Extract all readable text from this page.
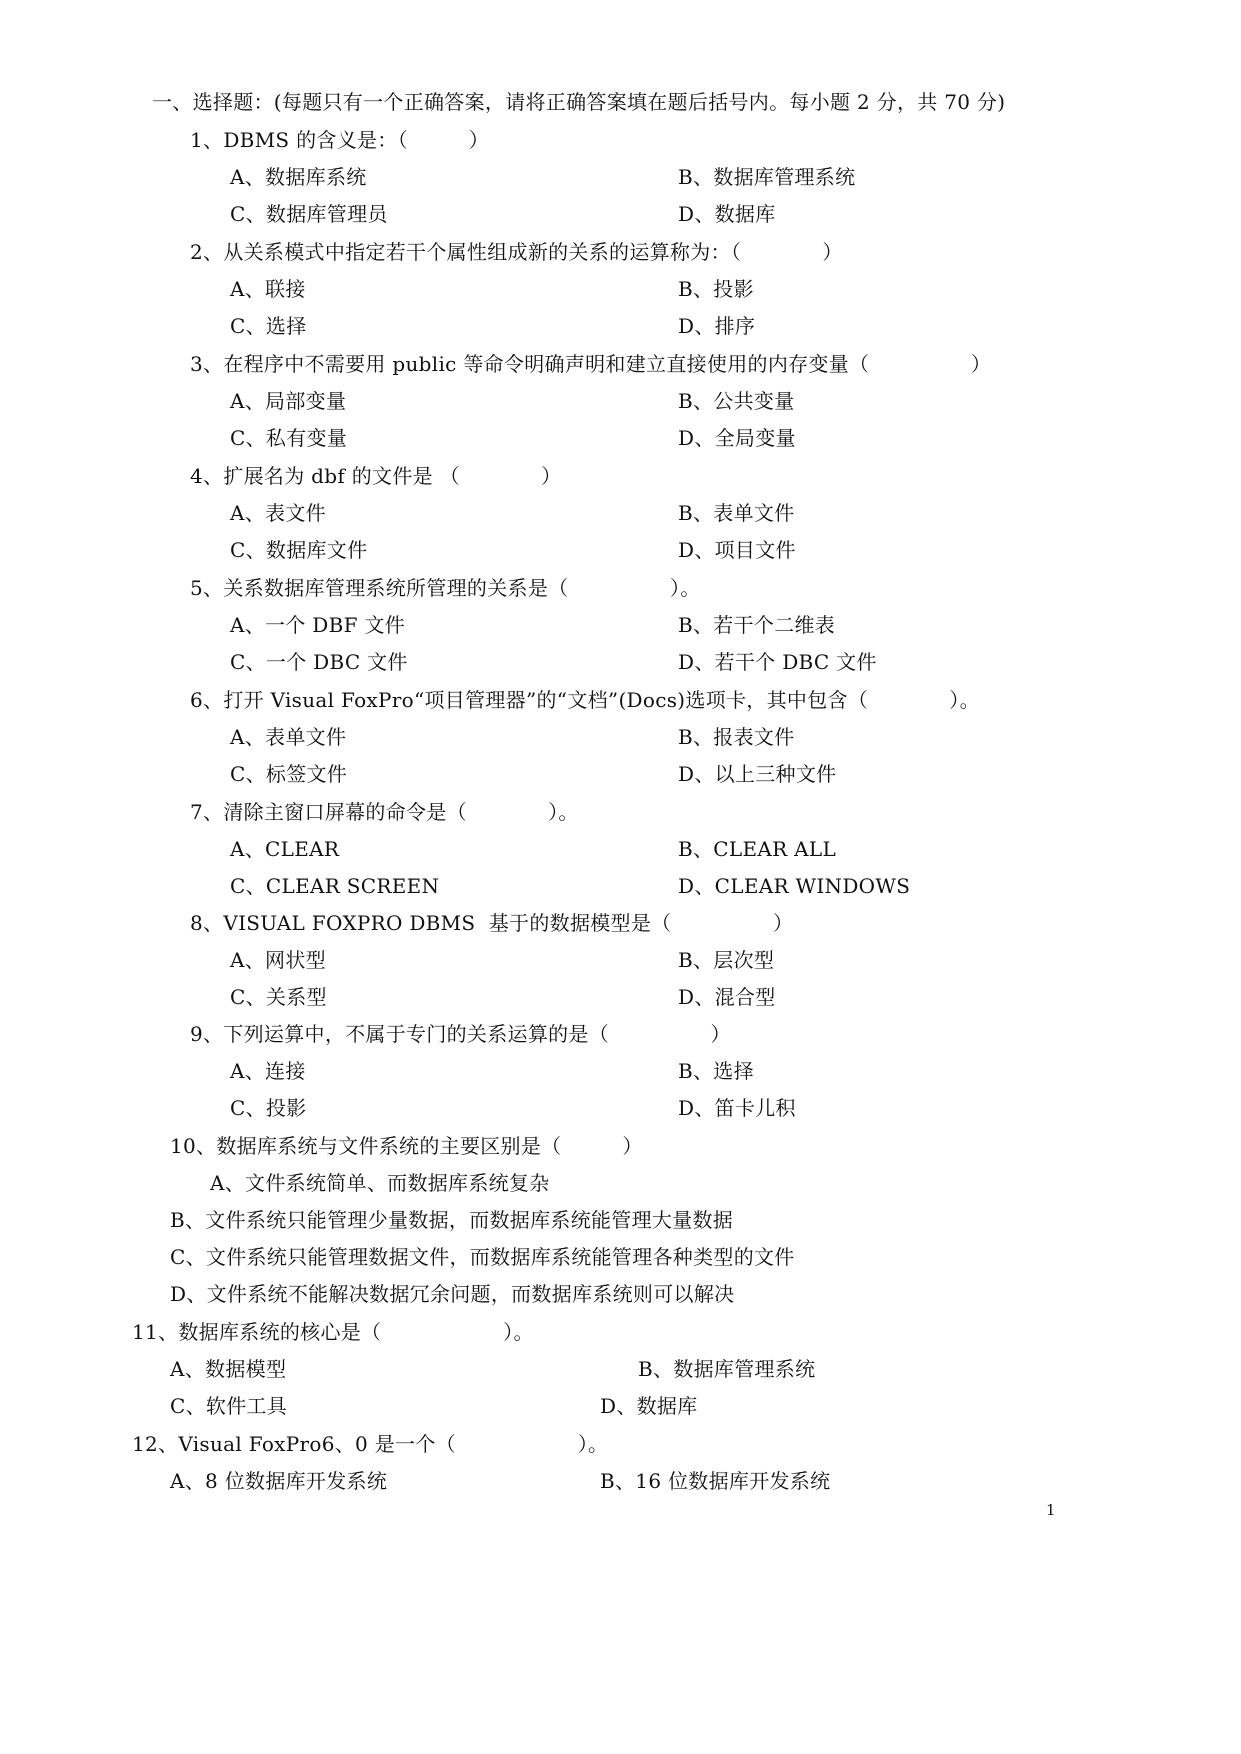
一、选择题：(每题只有一个正确答案，请将正确答案填在题后括号内。每小题 2 分，共 70 分)
1、DBMS 的含义是：（　　　）
A、数据库系统	B、数据库管理系统
C、数据库管理员	D、数据库
2、从关系模式中指定若干个属性组成新的关系的运算称为：（　　　　）
A、联接	B、投影
C、选择	D、排序
3、在程序中不需要用 public 等命令明确声明和建立直接使用的内存变量（　　　　　）
A、局部变量	B、公共变量
C、私有变量	D、全局变量
4、扩展名为 dbf 的文件是 （　　　　）
A、表文件	B、表单文件
C、数据库文件	D、项目文件
5、关系数据库管理系统所管理的关系是（　　　　　）。
A、一个 DBF 文件	B、若干个二维表
C、一个 DBC 文件	D、若干个 DBC 文件
6、打开 Visual FoxPro“项目管理器”的“文档”(Docs)选项卡，其中包含（　　　　）。
A、表单文件	B、报表文件
C、标签文件	D、以上三种文件
7、清除主窗口屏幕的命令是（　　　　）。
A、CLEAR	B、CLEAR ALL
C、CLEAR SCREEN	D、CLEAR WINDOWS
8、VISUAL FOXPRO DBMS  基于的数据模型是（　　　　　）
A、网状型	B、层次型
C、关系型	D、混合型
9、下列运算中，不属于专门的关系运算的是（　　　　　）
A、连接	B、选择
C、投影	D、笛卡儿积
10、数据库系统与文件系统的主要区别是（　　　）
A、文件系统简单、而数据库系统复杂
B、文件系统只能管理少量数据，而数据库系统能管理大量数据
C、文件系统只能管理数据文件，而数据库系统能管理各种类型的文件
D、文件系统不能解决数据冗余问题，而数据库系统则可以解决
11、数据库系统的核心是（　　　　　　）。
A、数据模型	B、数据库管理系统
C、软件工具	D、数据库
12、Visual FoxPro6、0 是一个（　　　　　　）。
A、8 位数据库开发系统	B、16 位数据库开发系统
1
